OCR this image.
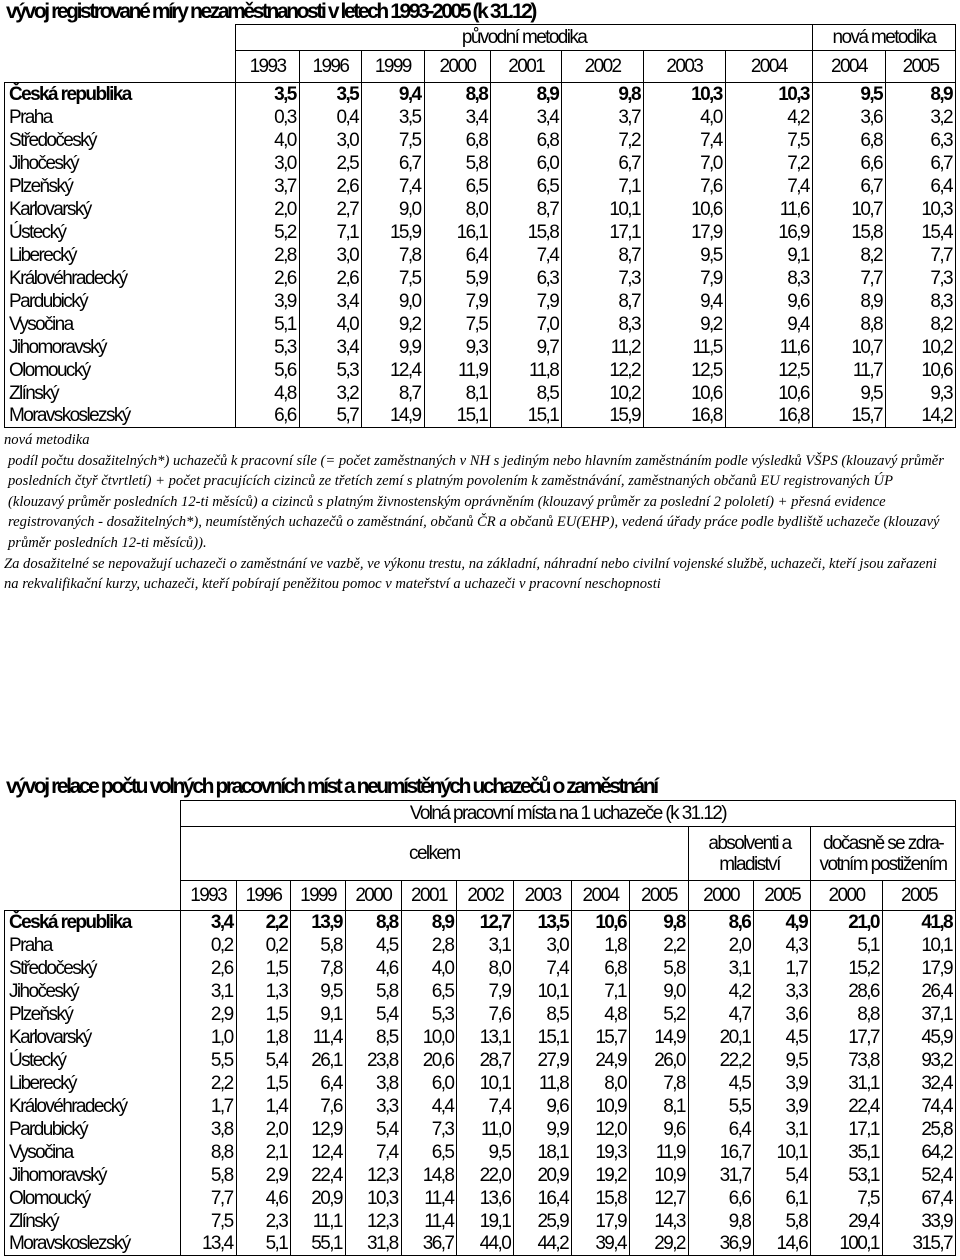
vývoj registrované míry nezaměstnanosti v letech 1993-2005 (k 31.12)
	původní metodika								nová metodika	
	1993	1996	1999	2000	2001	2002	2003	2004	2004	2005
Česká republika	3,5	3,5	9,4	8,8	8,9	9,8	10,3	10,3	9,5	8,9
Praha	0,3	0,4	3,5	3,4	3,4	3,7	4,0	4,2	3,6	3,2
Středočeský	4,0	3,0	7,5	6,8	6,8	7,2	7,4	7,5	6,8	6,3
Jihočeský	3,0	2,5	6,7	5,8	6,0	6,7	7,0	7,2	6,6	6,7
Plzeňský	3,7	2,6	7,4	6,5	6,5	7,1	7,6	7,4	6,7	6,4
Karlovarský	2,0	2,7	9,0	8,0	8,7	10,1	10,6	11,6	10,7	10,3
Ústecký	5,2	7,1	15,9	16,1	15,8	17,1	17,9	16,9	15,8	15,4
Liberecký	2,8	3,0	7,8	6,4	7,4	8,7	9,5	9,1	8,2	7,7
Královéhradecký	2,6	2,6	7,5	5,9	6,3	7,3	7,9	8,3	7,7	7,3
Pardubický	3,9	3,4	9,0	7,9	7,9	8,7	9,4	9,6	8,9	8,3
Vysočina	5,1	4,0	9,2	7,5	7,0	8,3	9,2	9,4	8,8	8,2
Jihomoravský	5,3	3,4	9,9	9,3	9,7	11,2	11,5	11,6	10,7	10,2
Olomoucký	5,6	5,3	12,4	11,9	11,8	12,2	12,5	12,5	11,7	10,6
Zlínský	4,8	3,2	8,7	8,1	8,5	10,2	10,6	10,6	9,5	9,3
Moravskoslezský	6,6	5,7	14,9	15,1	15,1	15,9	16,8	16,8	15,7	14,2

nová metodika

podíl počtu dosažitelných*) uchazečů k pracovní síle (= počet zaměstnaných v NH s jediným nebo hlavním zaměstnáním podle výsledků VŠPS (klouzavý průměr posledních čtyř čtvrtletí) + počet pracujících cizinců ze třetích zemí s platným povolením k zaměstnávání, zaměstnaných občanů EU registrovaných ÚP (klouzavý průměr posledních 12-ti měsíců) a cizinců s platným živnostenským oprávněním (klouzavý průměr za poslední 2 pololetí) + přesná evidence registrovaných - dosažitelných*), neumístěných uchazečů o zaměstnání, občanů ČR a občanů EU(EHP), vedená úřady práce podle bydliště uchazeče (klouzavý průměr posledních 12-ti měsíců)).

Za dosažitelné se nepovažují uchazeči o zaměstnání ve vazbě, ve výkonu trestu, na základní, náhradní nebo civilní vojenské službě, uchazeči, kteří jsou zařazeni na rekvalifikační kurzy, uchazeči, kteří pobírají peněžitou pomoc v mateřství a uchazeči v pracovní neschopnosti

vývoj relace počtu volných pracovních míst a neumístěných uchazečů o zaměstnání
	Volná pracovní místa na 1 uchazeče (k 31.12)												
	celkem									absolventi a mladiství		dočasně se zdra-votním postižením	
	1993	1996	1999	2000	2001	2002	2003	2004	2005	2000	2005	2000	2005
Česká republika	3,4	2,2	13,9	8,8	8,9	12,7	13,5	10,6	9,8	8,6	4,9	21,0	41,8
Praha	0,2	0,2	5,8	4,5	2,8	3,1	3,0	1,8	2,2	2,0	4,3	5,1	10,1
Středočeský	2,6	1,5	7,8	4,6	4,0	8,0	7,4	6,8	5,8	3,1	1,7	15,2	17,9
Jihočeský	3,1	1,3	9,5	5,8	6,5	7,9	10,1	7,1	9,0	4,2	3,3	28,6	26,4
Plzeňský	2,9	1,5	9,1	5,4	5,3	7,6	8,5	4,8	5,2	4,7	3,6	8,8	37,1
Karlovarský	1,0	1,8	11,4	8,5	10,0	13,1	15,1	15,7	14,9	20,1	4,5	17,7	45,9
Ústecký	5,5	5,4	26,1	23,8	20,6	28,7	27,9	24,9	26,0	22,2	9,5	73,8	93,2
Liberecký	2,2	1,5	6,4	3,8	6,0	10,1	11,8	8,0	7,8	4,5	3,9	31,1	32,4
Královéhradecký	1,7	1,4	7,6	3,3	4,4	7,4	9,6	10,9	8,1	5,5	3,9	22,4	74,4
Pardubický	3,8	2,0	12,9	5,4	7,3	11,0	9,9	12,0	9,6	6,4	3,1	17,1	25,8
Vysočina	8,8	2,1	12,4	7,4	6,5	9,5	18,1	19,3	11,9	16,7	10,1	35,1	64,2
Jihomoravský	5,8	2,9	22,4	12,3	14,8	22,0	20,9	19,2	10,9	31,7	5,4	53,1	52,4
Olomoucký	7,7	4,6	20,9	10,3	11,4	13,6	16,4	15,8	12,7	6,6	6,1	7,5	67,4
Zlínský	7,5	2,3	11,1	12,3	11,4	19,1	25,9	17,9	14,3	9,8	5,8	29,4	33,9
Moravskoslezský	13,4	5,1	55,1	31,8	36,7	44,0	44,2	39,4	29,2	36,9	14,6	100,1	315,7
